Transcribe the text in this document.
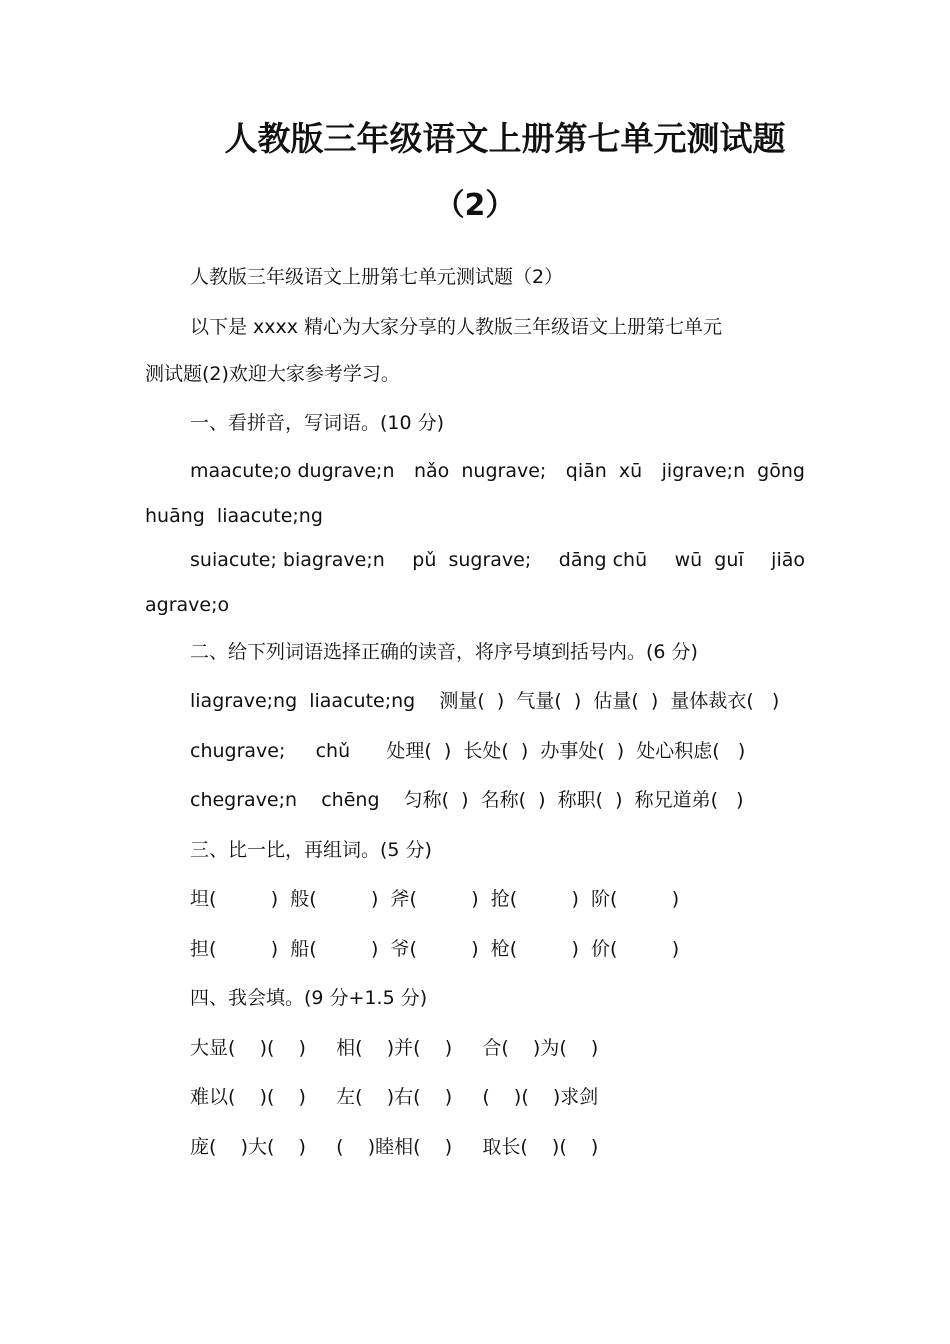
人教版三年级语文上册第七单元测试题
（2）

人教版三年级语文上册第七单元测试题（2）

以下是 xxxx 精心为大家分享的人教版三年级语文上册第七单元

测试题(2)欢迎大家参考学习。

一、看拼音，写词语。(10 分)

maacute;o dugrave;n nǎo  nugrave; qiān  xū jigrave;n  gōng

huāng  liaacute;ng

suiacute; biagrave;n pǔ  sugrave; dāng chū wū  guī jiāo

agrave;o

二、给下列词语选择正确的读音，将序号填到括号内。(6 分)

liagrave;ng  liaacute;ng    测量(  )  气量(  )  估量(  )  量体裁衣(   )

chugrave;     chǔ      处理(  )  长处(  )  办事处(  )  处心积虑(   )

chegrave;n    chēng    匀称(  )  名称(  )  称职(  )  称兄道弟(   )

三、比一比，再组词。(5 分)

坦(         )  般(         )  斧(         )  抢(         )  阶(         )

担(         )  船(         )  爷(         )  枪(         )  价(         )

四、我会填。(9 分+1.5 分)

大显(    )(    )     相(    )并(    )     合(    )为(    )

难以(    )(    )     左(    )右(    )     (    )(    )求剑

庞(    )大(    )     (    )睦相(    )     取长(    )(    )
